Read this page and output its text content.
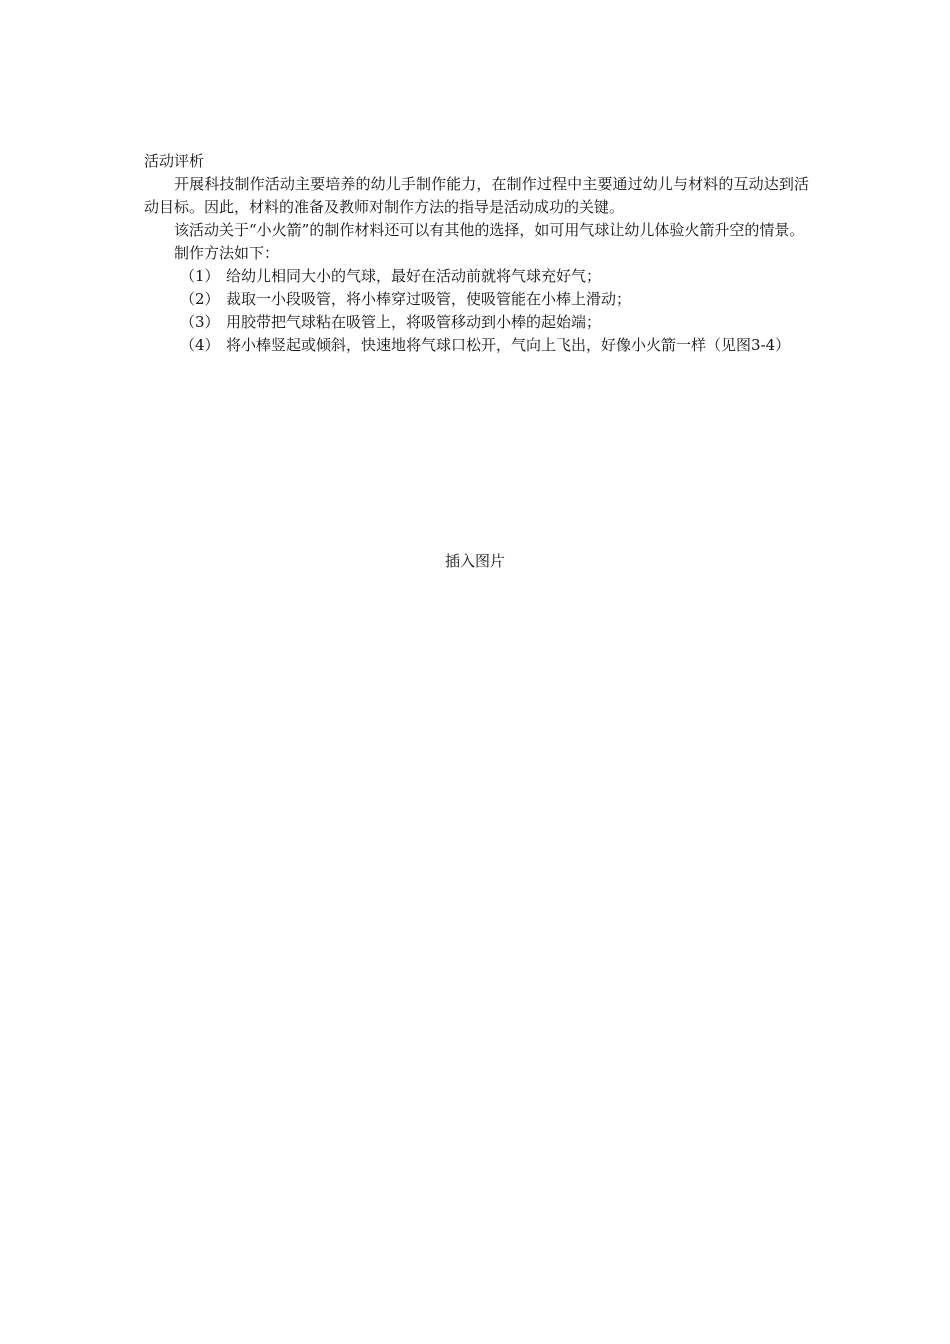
活动评析

开展科技制作活动主要培养的幼儿手制作能力，在制作过程中主要通过幼儿与材料的互动达到活动目标。因此，材料的准备及教师对制作方法的指导是活动成功的关键。

该活动关于“小火箭”的制作材料还可以有其他的选择，如可用气球让幼儿体验火箭升空的情景。

制作方法如下：

（1） 给幼儿相同大小的气球，最好在活动前就将气球充好气；
（2） 裁取一小段吸管，将小棒穿过吸管，使吸管能在小棒上滑动；
（3） 用胶带把气球粘在吸管上，将吸管移动到小棒的起始端；
（4） 将小棒竖起或倾斜，快速地将气球口松开，气向上飞出，好像小火箭一样（见图3-4）
插入图片
